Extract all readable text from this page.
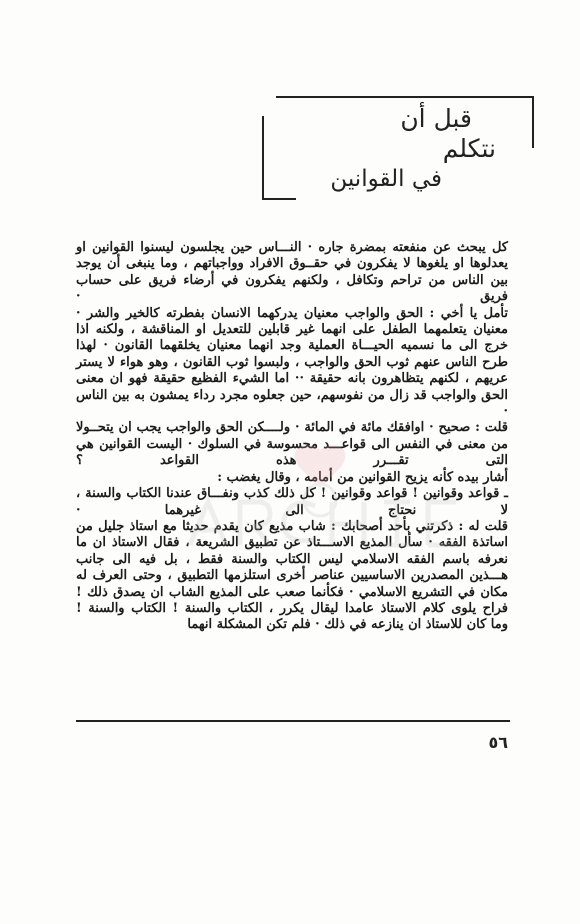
قبل أن
نتكلم
في القوانين

كل يبحث عن منفعته بمضرة جاره · النـــاس حين يجلسون ليسنوا القوانين او يعدلوها او يلغوها لا يفكرون في حقــوق الافراد وواجباتهم ، وما ينبغى أن يوجد بين الناس من تراحم وتكافل ، ولكنهم يفكرون في أرضاء فريق على حساب فريق ·

تأمل يا أخي : الحق والواجب معنيان يدركهما الانسان بفطرته كالخير والشر · معنيان يتعلمهما الطفل على انهما غير قابلين للتعديل او المناقشة ، ولكنه اذا خرج الى ما نسميه الحيـــاة العملية وجد انهما معنيان يخلقهما القانون · لهذا طرح الناس عنهم ثوب الحق والواجب ، ولبسوا ثوب القانون ، وهو هواء لا يستر عريهم ، لكنهم يتظاهرون بانه حقيقة ·· اما الشيء الفظيع حقيقة فهو ان معنى الحق والواجب قد زال من نفوسهم، حين جعلوه مجرد رداء يمشون به بين الناس ·

قلت : صحيح · اوافقك مائة في المائة · ولــــكن الحق والواجب يجب ان يتحــولا من معنى في النفس الى قواعـــد محسوسة في السلوك · اليست القوانين هي التى تقـــرر هذه القواعد ؟

أشار بيده كأنه يزيح القوانين من أمامه ، وقال يغضب :

ـ قواعد وقوانين ! قواعد وقوانين ! كل ذلك كذب ونفـــاق عندنا الكتاب والسنة ، لا نحتاج الى غيرهما ·

قلت له : ذكرتني بأحد أصحابك : شاب مذيع كان يقدم حديثا مع استاذ جليل من اساتذة الفقه · سأل المذيع الاســـتاذ عن تطبيق الشريعة ، فقال الاستاذ ان ما نعرفه باسم الفقه الاسلامي ليس الكتاب والسنة فقط ، بل فيه الى جانب هـــذين المصدرين الاساسيين عناصر أخرى استلزمها التطبيق ، وحتى العرف له مكان في التشريع الاسلامي · فكأنما صعب على المذيع الشاب ان يصدق ذلك ! فراح يلوى كلام الاستاذ عامدا ليقال يكرر ، الكتاب والسنة ! الكتاب والسنة !

وما كان للاستاذ ان ينازعه في ذلك · فلم تكن المشكلة انهما

٥٦
